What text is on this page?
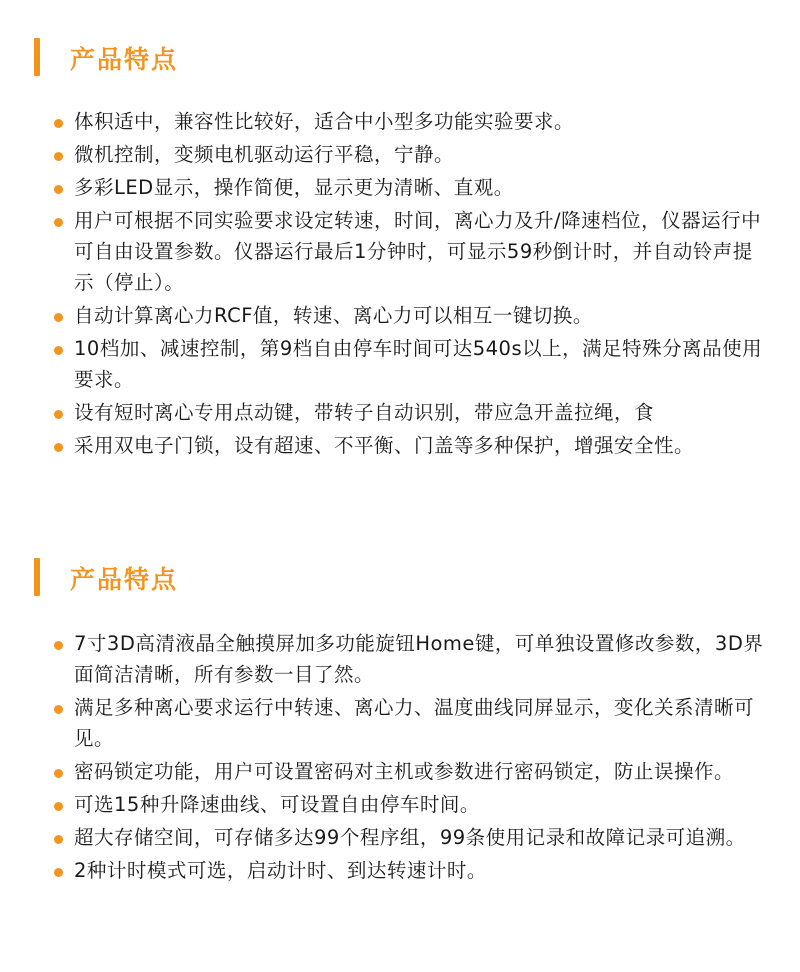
产品特点
体积适中，兼容性比较好，适合中小型多功能实验要求。
微机控制，变频电机驱动运行平稳，宁静。
多彩LED显示，操作简便，显示更为清晰、直观。
用户可根据不同实验要求设定转速，时间，离心力及升/降速档位，仪器运行中可自由设置参数。仪器运行最后1分钟时，可显示59秒倒计时，并自动铃声提示（停止）。
自动计算离心力RCF值，转速、离心力可以相互一键切换。
10档加、减速控制，第9档自由停车时间可达540s以上，满足特殊分离品使用要求。
设有短时离心专用点动键，带转子自动识别，带应急开盖拉绳，食
采用双电子门锁，设有超速、不平衡、门盖等多种保护，增强安全性。
产品特点
7寸3D高清液晶全触摸屏加多功能旋钮Home键，可单独设置修改参数，3D界面简洁清晰，所有参数一目了然。
满足多种离心要求运行中转速、离心力、温度曲线同屏显示，变化关系清晰可见。
密码锁定功能，用户可设置密码对主机或参数进行密码锁定，防止误操作。
可选15种升降速曲线、可设置自由停车时间。
超大存储空间，可存储多达99个程序组，99条使用记录和故障记录可追溯。
2种计时模式可选，启动计时、到达转速计时。
